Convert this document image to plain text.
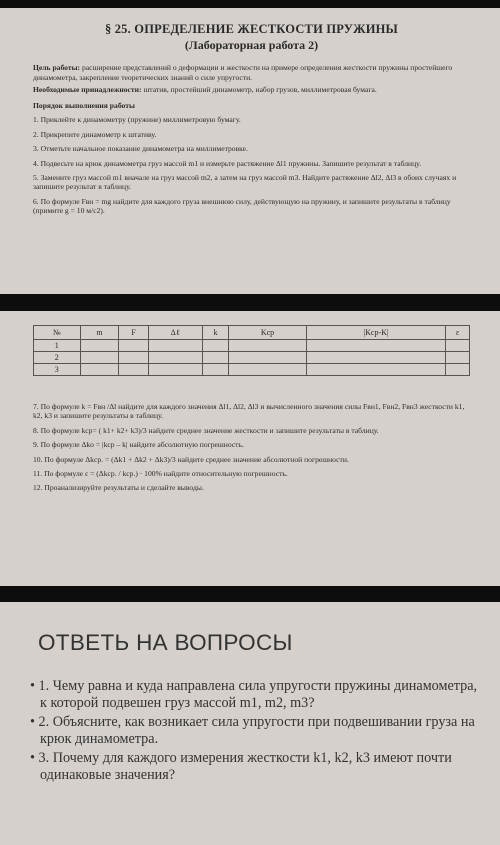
§ 25. ОПРЕДЕЛЕНИЕ ЖЕСТКОСТИ ПРУЖИНЫ
(Лабораторная работа 2)

Цель работы: расширение представлений о деформации и жесткости на примере определения жесткости пружины простейшего динамометра, закрепление теоретических знаний о силе упругости.

Необходимые принадлежности: штатив, простейший динамометр, набор грузов, миллиметровая бумага.

Порядок выполнения работы

1. Приклейте к динамометру (пружине) миллиметровую бумагу.
2. Прикрепите динамометр к штативу.
3. Отметьте начальное показание динамометра на миллиметровке.
4. Подвесьте на крюк динамометра груз массой m1 и измерьте растяжение Δl1 пружины. Запишите результат в таблицу.
5. Замените груз массой m1 вначале на груз массой m2, а затем на груз массой m3. Найдите растяжение Δl2, Δl3 в обоих случаях и запишите результат в таблицу.
6. По формуле Fвн = mg найдите для каждого груза внешнюю силу, действующую на пружину, и запишите результаты в таблицу (примите g = 10 м/с2).
№	m	F	Δℓ	k	Kcp	|Kcp-K|	ε
1							
2							
3							
7. По формуле k = Fвн /Δl найдите для каждого значения Δl1, Δl2, Δl3 и вычисленного значения силы Fвн1, Fвн2, Fвн3 жесткости k1, k2, k3 и запишите результаты в таблицу.
8. По формуле kcp= ( k1+ k2+ k3)/3 найдите среднее значение жесткости и запишите результаты в таблицу.
9. По формуле Δko = |kcp – k| найдите абсолютную погрешность.
10. По формуле Δkcp. = (Δk1 + Δk2 + Δk3)/3 найдите среднее значение абсолютной погрешности.
11. По формуле ε = (Δkcp. / kcp.) · 100% найдите относительную погрешность.
12. Проанализируйте результаты и сделайте выводы.
ОТВЕТЬ НА ВОПРОСЫ
• 1. Чему равна и куда направлена сила упругости пружины динамометра, к которой подвешен груз массой m1, m2, m3?
• 2. Объясните, как возникает сила упругости при подвешивании груза на крюк динамометра.
• 3. Почему для каждого измерения жесткости k1, k2, k3 имеют почти одинаковые значения?
